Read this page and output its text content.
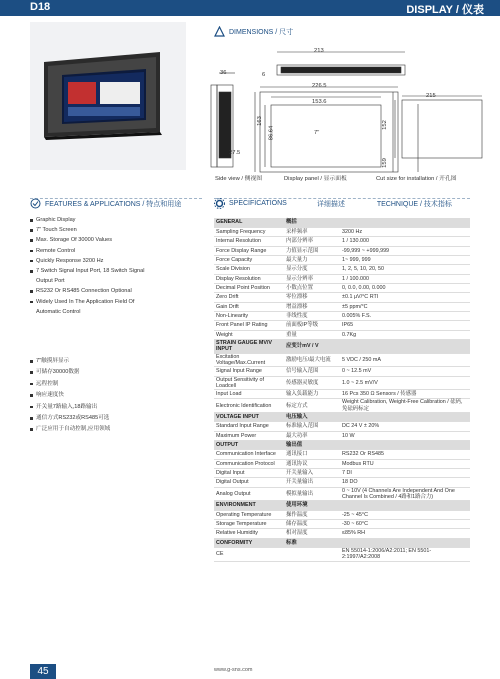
D18	DISPLAY / 仪表
DIMENSIONS / 尺寸
213
36	6
226.5
153.6
163
86.64	7"
27.5
215
152
159
Side view / 侧视图	Display panel / 显示面板	Cut size for installation / 开孔图
FEATURES & APPLICATIONS / 特点和用途
Graphic Display
7" Touch Screen
Max. Storage Of 30000 Values
Remote Control
Quickly Response 3200 Hz
7 Switch Signal Input Port, 18 Switch Signal
Output Port
RS232 Or RS485 Connection Optional
Widely Used In The Application Field Of
Automatic Control
7"触摸屏显示
可储存30000数据
远程控制
响应速度快
开关量7路输入,18路输出
通信方式RS232或RS485可选
广泛应用于自动控制,应用领域
SPECIFICATIONS	详细描述	TECHNIQUE / 技术指标
GENERAL	概括	
Sampling Frequency	采样频率	3200 Hz
Internal Resolution	内部分辨率	1 / 130.000
Force Display Range	力值显示范围	-99,999 ~ +999,999
Force Capacity	最大量力	1~ 999, 999
Scale Division	显示分度	1, 2, 5, 10, 20, 50
Display Resolution	显示分辨率	1 / 100.000
Decimal Point Position	小数点位置	0, 0.0, 0.00, 0.000
Zero Drift	零位漂移	±0.1 μV/°C RTI
Gain Drift	增益漂移	±5 ppm/°C
Non-Linearity	非线性度	0.005% F.S.
Front Panel IP Rating	前面板IP等级	IP65
Weight	重量	0.7Kg
STRAIN GAUGE MV/V INPUT	应变计mV / V	
Excitation Voltage/Max.Current	激励电压/最大电流	5 VDC / 250 mA
Signal Input Range	信号输入范围	0 ~ 12.5 mV
Output Sensitivity of Loadcell	传感器灵敏度	1.0 ~ 2.5 mV/V
Input Load	输入负载能力	16 Pcs 350 Ω Sensors / 传感器
Electronic Identification	标定方式	Weight Calibration, Weight-Free Calibration / 砝码, 免砝码标定
VOLTAGE INPUT	电压输入	
Standard Input Range	标准输入范围	DC 24 V ± 20%
Maximum Power	最大功率	10 W
OUTPUT	输出值	
Communication Interface	通讯接口	RS232 Or RS485
Communication Protocol	通讯协议	Modbus RTU
Digital Input	开关量输入	7 DI
Digital Output	开关量输出	18 DO
Analog Output	模拟量输出	0 ~ 10V (4 Channels Are Independent And One Channel Is Combined / 4路和1路合力)
ENVIRONMENT	使用环境	
Operating Temperature	操作温度	-25 ~ 45°C
Storage Temperature	储存温度	-30 ~ 60°C
Relative Humidity	相对湿度	≤85% RH
CONFORMITY	标准	
CE		EN 55014-1:2006/A2:2011; EN 5501-2:1997/A2:2008
45	www.g-sns.com
